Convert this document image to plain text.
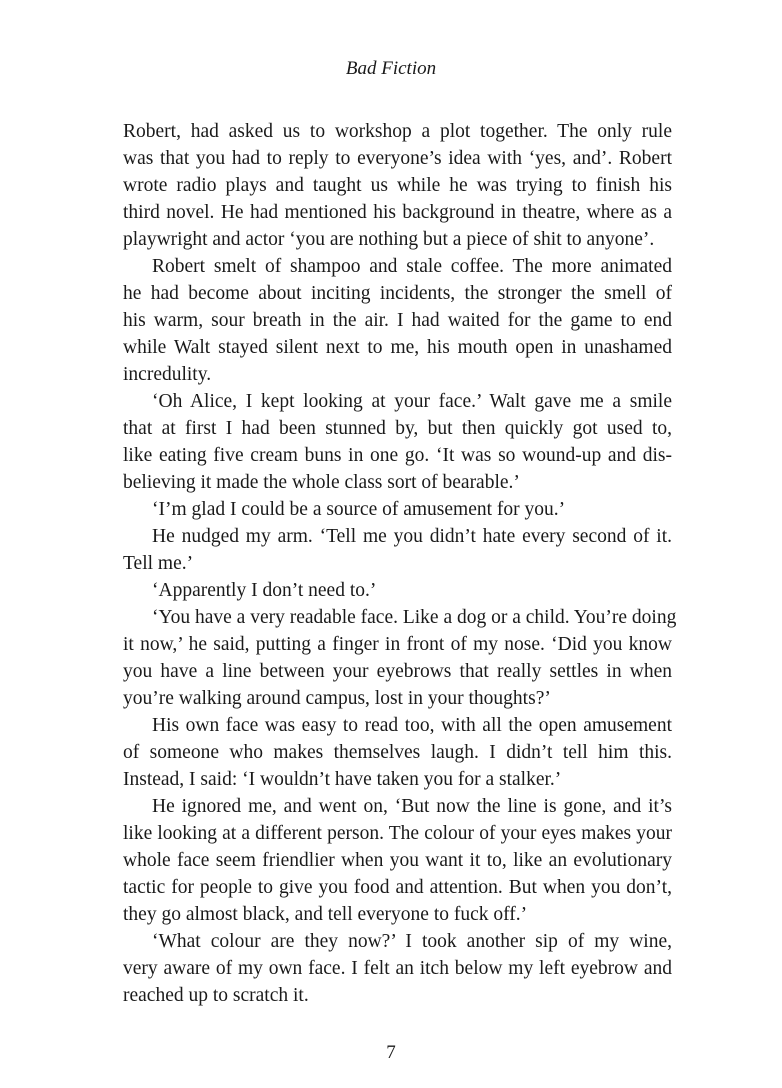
Bad Fiction
Robert, had asked us to workshop a plot together. The only rule
was that you had to reply to everyone’s idea with ‘yes, and’. Robert
wrote radio plays and taught us while he was trying to finish his
third novel. He had mentioned his background in theatre, where as a
playwright and actor ‘you are nothing but a piece of shit to anyone’.
Robert smelt of shampoo and stale coffee. The more animated
he had become about inciting incidents, the stronger the smell of
his warm, sour breath in the air. I had waited for the game to end
while Walt stayed silent next to me, his mouth open in unashamed
incredulity.
‘Oh Alice, I kept looking at your face.’ Walt gave me a smile
that at first I had been stunned by, but then quickly got used to,
like eating five cream buns in one go. ‘It was so wound-up and dis-
believing it made the whole class sort of bearable.’
‘I’m glad I could be a source of amusement for you.’
He nudged my arm. ‘Tell me you didn’t hate every second of it.
Tell me.’
‘Apparently I don’t need to.’
‘You have a very readable face. Like a dog or a child. You’re doing
it now,’ he said, putting a finger in front of my nose. ‘Did you know
you have a line between your eyebrows that really settles in when
you’re walking around campus, lost in your thoughts?’
His own face was easy to read too, with all the open amusement
of someone who makes themselves laugh. I didn’t tell him this.
Instead, I said: ‘I wouldn’t have taken you for a stalker.’
He ignored me, and went on, ‘But now the line is gone, and it’s
like looking at a different person. The colour of your eyes makes your
whole face seem friendlier when you want it to, like an evolutionary
tactic for people to give you food and attention. But when you don’t,
they go almost black, and tell everyone to fuck off.’
‘What colour are they now?’ I took another sip of my wine,
very aware of my own face. I felt an itch below my left eyebrow and
reached up to scratch it.
7
